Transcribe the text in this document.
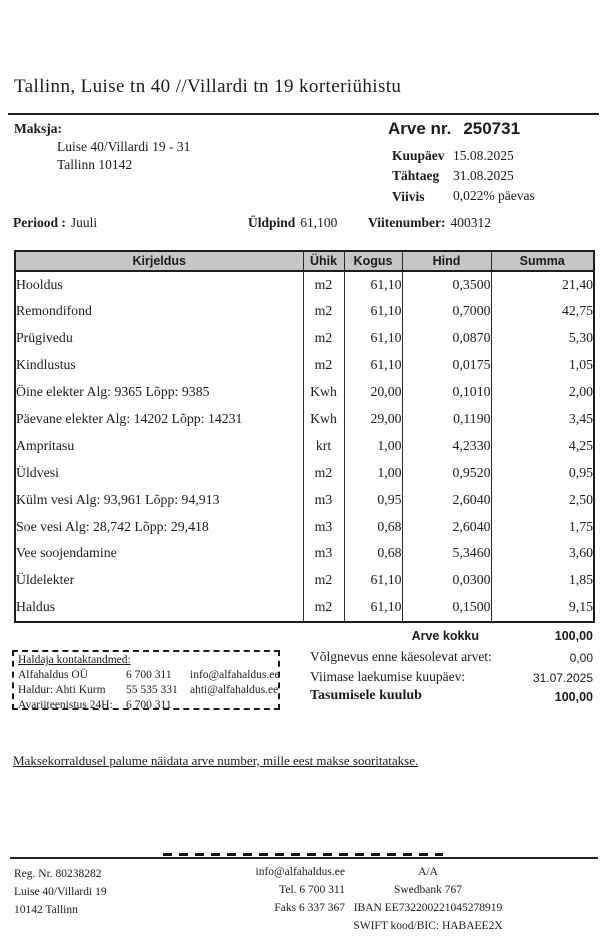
Tallinn, Luise tn 40 //Villardi tn 19 korteriühistu
Maksja:
Luise 40/Villardi 19 - 31
Tallinn 10142
Arve nr. 250731
Kuupäev 15.08.2025
Tähtaeg 31.08.2025
Viivis 0,022% päevas
Periood : Juuli	Üldpind 61,100 Viitenumber: 400312
Kirjeldus	Ühik	Kogus	Hind	Summa
Hooldus	m2	61,10	0,3500	21,40
Remondifond	m2	61,10	0,7000	42,75
Prügivedu	m2	61,10	0,0870	5,30
Kindlustus	m2	61,10	0,0175	1,05
Öine elekter Alg: 9365 Lõpp: 9385	Kwh	20,00	0,1010	2,00
Päevane elekter Alg: 14202 Lõpp: 14231	Kwh	29,00	0,1190	3,45
Ampritasu	krt	1,00	4,2330	4,25
Üldvesi	m2	1,00	0,9520	0,95
Külm vesi Alg: 93,961 Lõpp: 94,913	m3	0,95	2,6040	2,50
Soe vesi Alg: 28,742 Lõpp: 29,418	m3	0,68	2,6040	1,75
Vee soojendamine	m3	0,68	5,3460	3,60
Üldelekter	m2	61,10	0,0300	1,85
Haldus	m2	61,10	0,1500	9,15

Arve kokku	100,00
Võlgnevus enne käesolevat arvet:	0,00
Viimase laekumise kuupäev:	31.07.2025
Tasumisele kuulub	100,00
Haldaja kontaktandmed:
Alfahaldus OÜ	6 700 311	info@alfahaldus.ee
Haldur: Ahti Kurm	55 535 331	ahti@alfahaldus.ee
Avariiteenistus 24H:	6 700 311
Maksekorraldusel palume näidata arve number, mille eest makse sooritatakse.
Reg. Nr. 80238282
Luise 40/Villardi 19
10142 Tallinn
info@alfahaldus.ee
Tel. 6 700 311
Faks 6 337 367
A/A
Swedbank 767
IBAN EE732200221045278919
SWIFT kood/BIC: HABAEE2X
